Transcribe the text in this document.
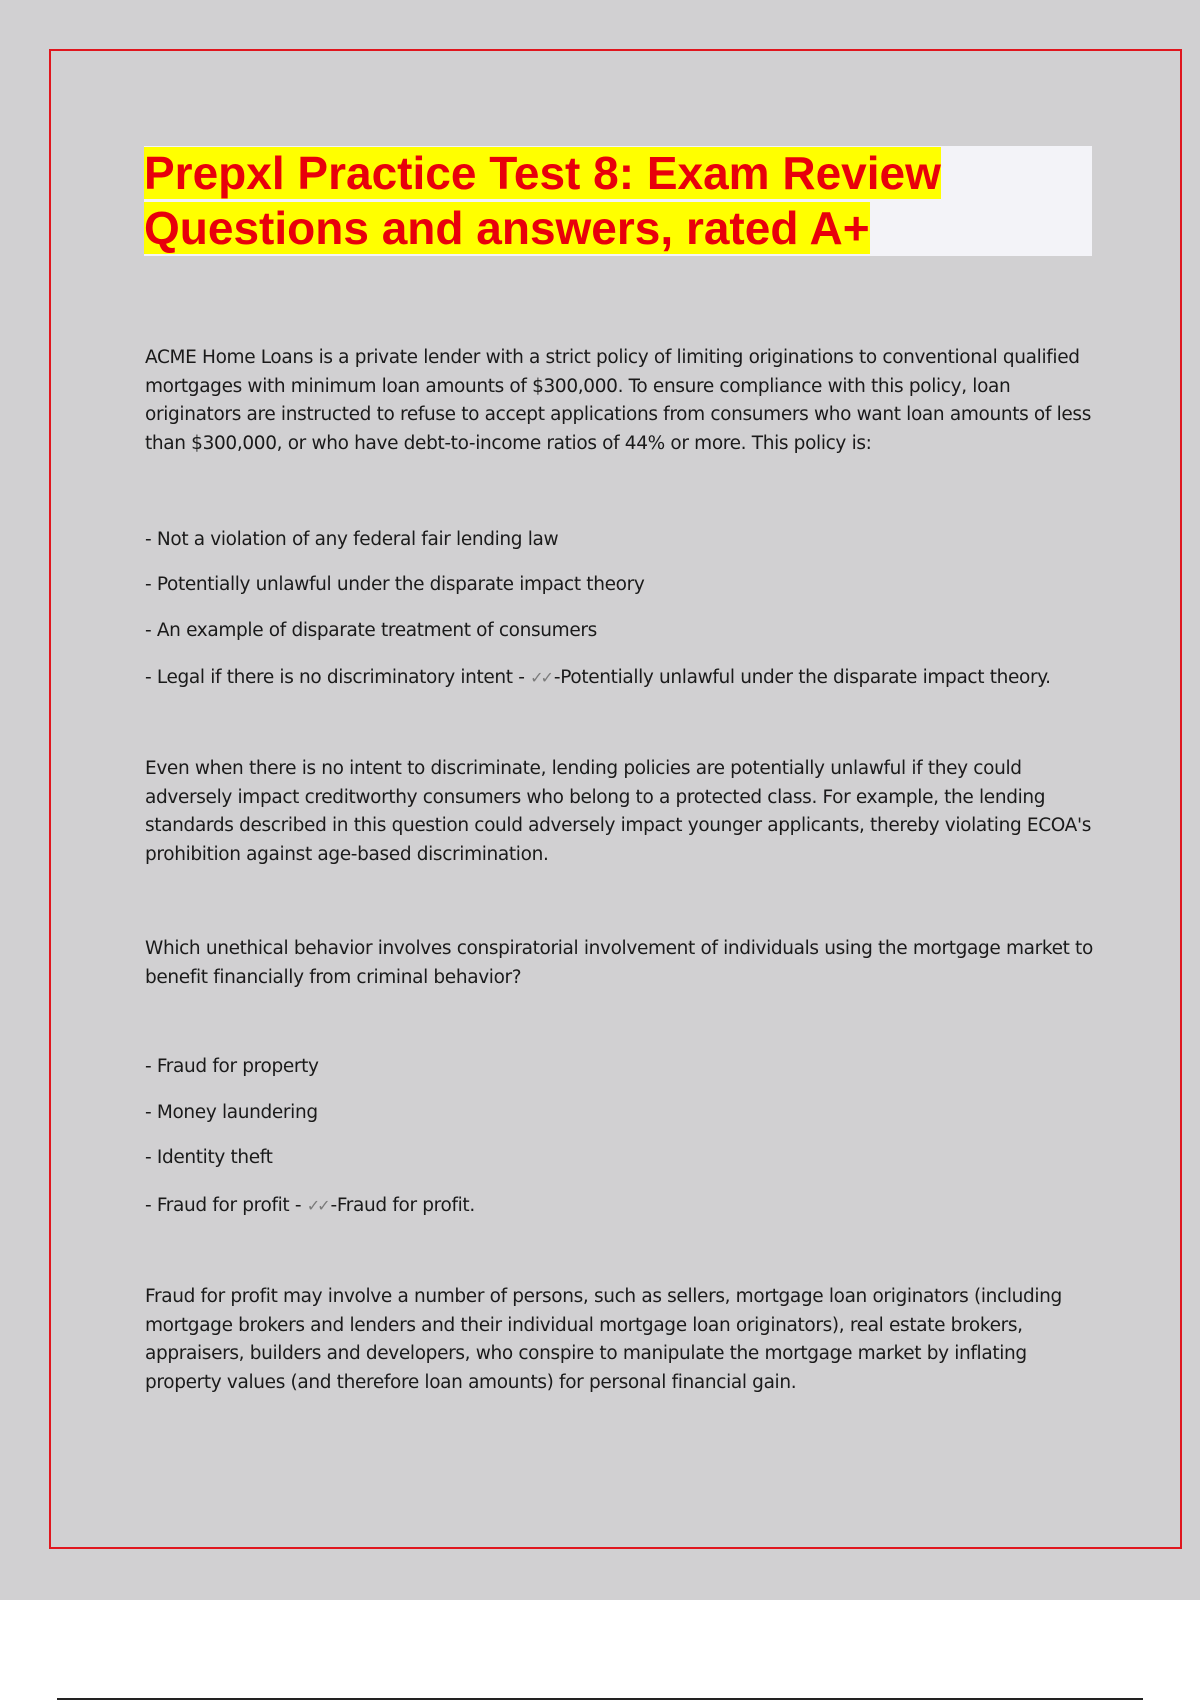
Prepxl Practice Test 8: Exam Review
Questions and answers, rated A+

ACME Home Loans is a private lender with a strict policy of limiting originations to conventional qualified mortgages with minimum loan amounts of $300,000. To ensure compliance with this policy, loan originators are instructed to refuse to accept applications from consumers who want loan amounts of less than $300,000, or who have debt-to-income ratios of 44% or more. This policy is:

- Not a violation of any federal fair lending law

- Potentially unlawful under the disparate impact theory

- An example of disparate treatment of consumers

- Legal if there is no discriminatory intent - ✓✓ -Potentially unlawful under the disparate impact theory.

Even when there is no intent to discriminate, lending policies are potentially unlawful if they could adversely impact creditworthy consumers who belong to a protected class. For example, the lending standards described in this question could adversely impact younger applicants, thereby violating ECOA's prohibition against age-based discrimination.

Which unethical behavior involves conspiratorial involvement of individuals using the mortgage market to benefit financially from criminal behavior?

- Fraud for property

- Money laundering

- Identity theft

- Fraud for profit - ✓✓ -Fraud for profit.

Fraud for profit may involve a number of persons, such as sellers, mortgage loan originators (including mortgage brokers and lenders and their individual mortgage loan originators), real estate brokers, appraisers, builders and developers, who conspire to manipulate the mortgage market by inflating property values (and therefore loan amounts) for personal financial gain.
